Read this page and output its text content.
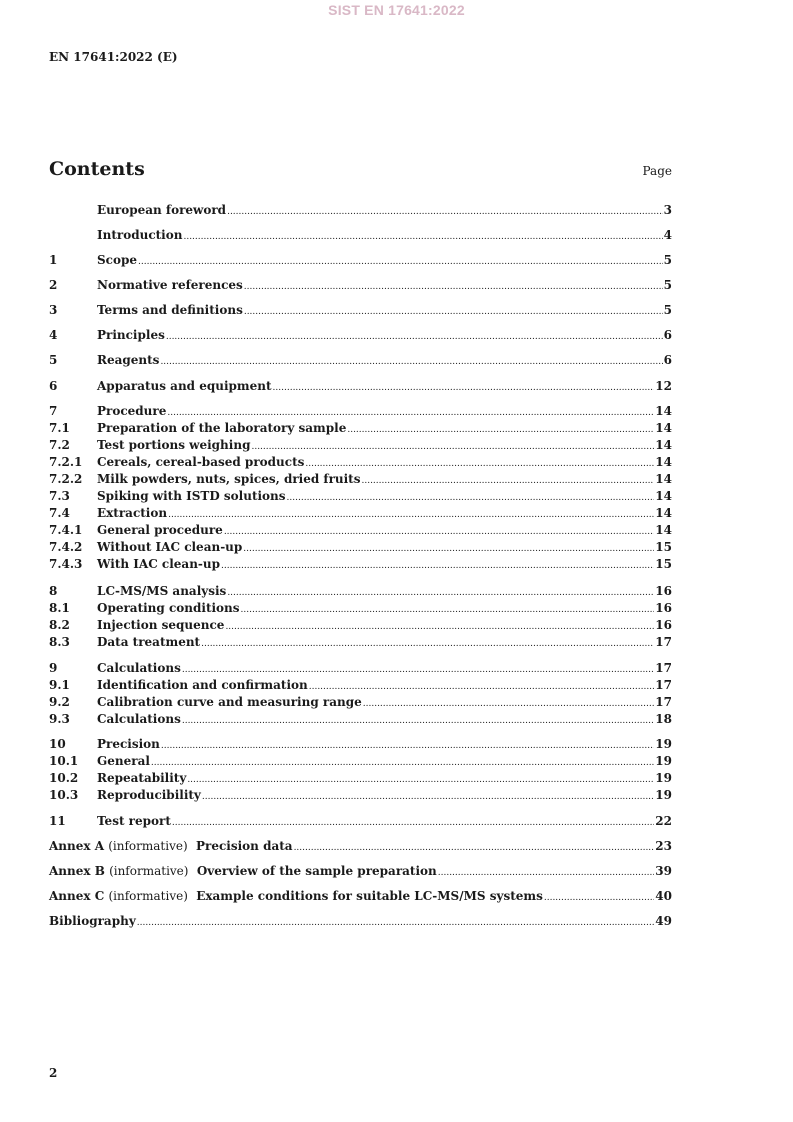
SIST EN 17641:2022
EN 17641:2022 (E)
Contents	Page
European foreword .....	3
Introduction .....	4
1	Scope .....	5
2	Normative references .....	5
3	Terms and definitions .....	5
4	Principles .....	6
5	Reagents .....	6
6	Apparatus and equipment .....	12
7	Procedure .....	14
7.1	Preparation of the laboratory sample .....	14
7.2	Test portions weighing .....	14
7.2.1	Cereals, cereal-based products .....	14
7.2.2	Milk powders, nuts, spices, dried fruits .....	14
7.3	Spiking with ISTD solutions .....	14
7.4	Extraction .....	14
7.4.1	General procedure .....	14
7.4.2	Without IAC clean-up .....	15
7.4.3	With IAC clean-up .....	15
8	LC-MS/MS analysis .....	16
8.1	Operating conditions .....	16
8.2	Injection sequence .....	16
8.3	Data treatment .....	17
9	Calculations .....	17
9.1	Identification and confirmation .....	17
9.2	Calibration curve and measuring range .....	17
9.3	Calculations .....	18
10	Precision .....	19
10.1	General .....	19
10.2	Repeatability .....	19
10.3	Reproducibility .....	19
11	Test report .....	22
Annex A (informative) Precision data .....	23
Annex B (informative) Overview of the sample preparation .....	39
Annex C (informative) Example conditions for suitable LC-MS/MS systems .....	40
Bibliography .....	49
2
